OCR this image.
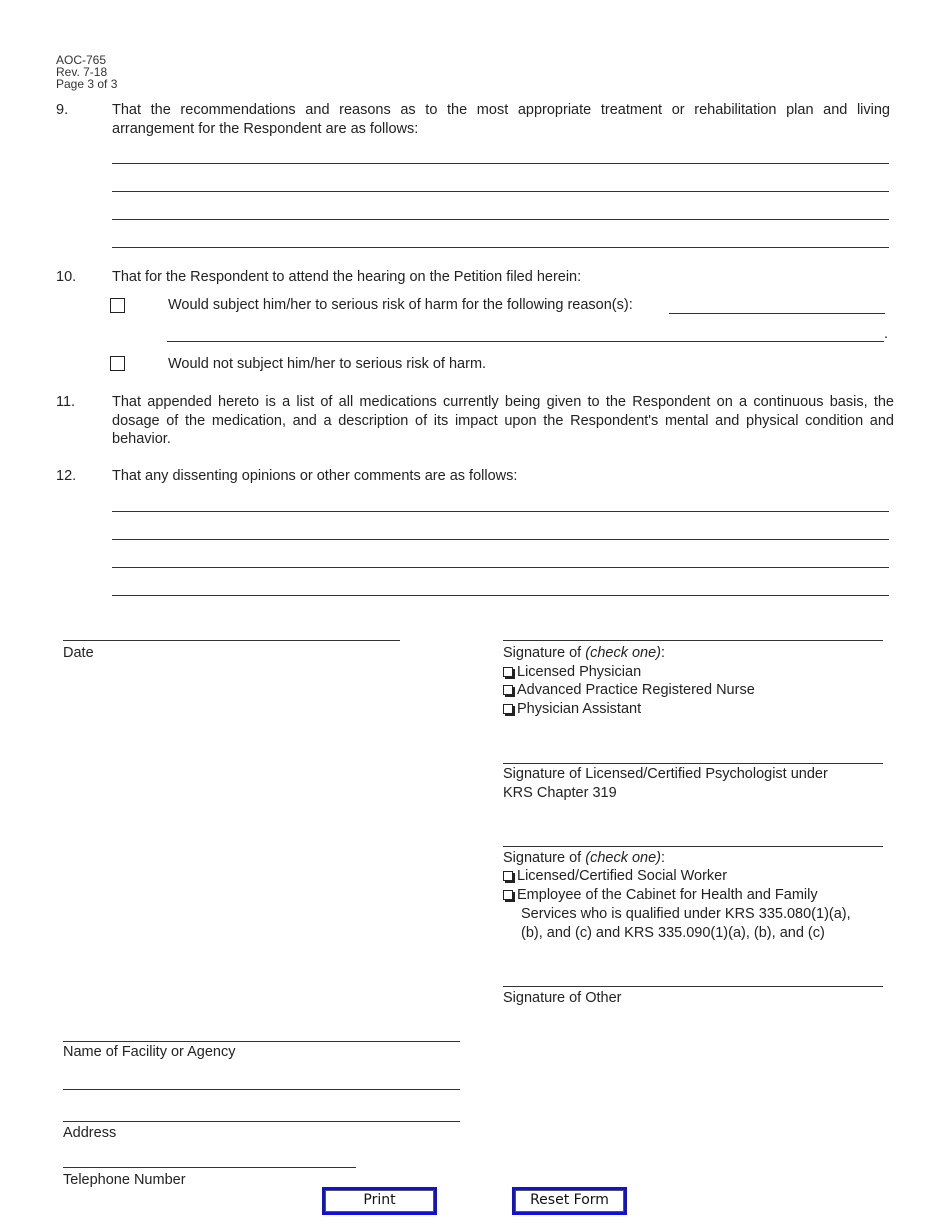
AOC-765
Rev. 7-18
Page 3 of 3
9.	That the recommendations and reasons as to the most appropriate treatment or rehabilitation plan and living arrangement for the Respondent are as follows:
10. That for the Respondent to attend the hearing on the Petition filed herein:
Would subject him/her to serious risk of harm for the following reason(s):
.
Would not subject him/her to serious risk of harm.
11.	That appended hereto is a list of all medications currently being given to the Respondent on a continuous basis, the dosage of the medication, and a description of its impact upon the Respondent's mental and physical condition and behavior.
12. That any dissenting opinions or other comments are as follows:
Date	Signature of (check one):
Licensed Physician
Advanced Practice Registered Nurse
Physician Assistant
Signature of Licensed/Certified Psychologist under
KRS Chapter 319
Signature of (check one):
Licensed/Certified Social Worker
Employee of the Cabinet for Health and Family
Services who is qualified under KRS 335.080(1)(a),
(b), and (c) and KRS 335.090(1)(a), (b), and (c)
Signature of Other
Name of Facility or Agency
Address
Telephone Number
Print	Reset Form
